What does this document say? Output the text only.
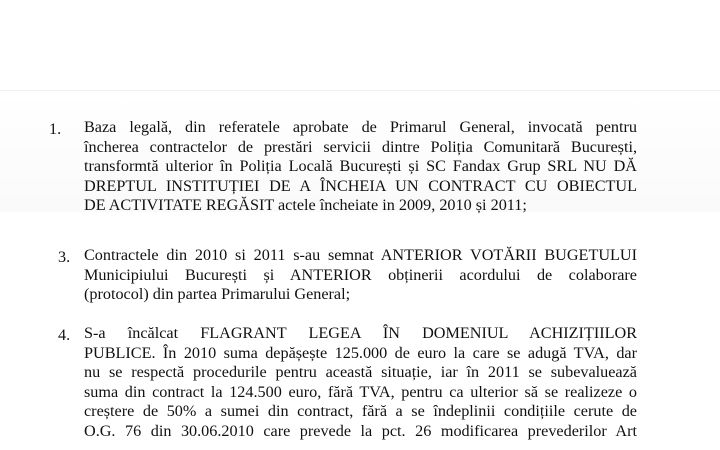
1. Baza legală, din referatele aprobate de Primarul General, invocată pentru
încherea contractelor de prestări servicii dintre Poliția Comunitară București,
transformtă ulterior în Poliția Locală București și SC Fandax Grup SRL NU DĂ
DREPTUL INSTITUȚIEI DE A ÎNCHEIA UN CONTRACT CU OBIECTUL
DE ACTIVITATE REGĂSIT actele încheiate in 2009, 2010 și 2011;
3. Contractele din 2010 si 2011 s-au semnat ANTERIOR VOTĂRII BUGETULUI
Municipiului București și ANTERIOR obținerii acordului de colaborare
(protocol) din partea Primarului General;
4. S-a încălcat FLAGRANT LEGEA ÎN DOMENIUL ACHIZIȚIILOR
PUBLICE. În 2010 suma depășește 125.000 de euro la care se adugă TVA, dar
nu se respectă procedurile pentru această situație, iar în 2011 se subevaluează
suma din contract la 124.500 euro, fără TVA, pentru ca ulterior să se realizeze o
creștere de 50% a sumei din contract, fără a se îndeplinii condițiile cerute de
O.G. 76 din 30.06.2010 care prevede la pct. 26 modificarea prevederilor Art
